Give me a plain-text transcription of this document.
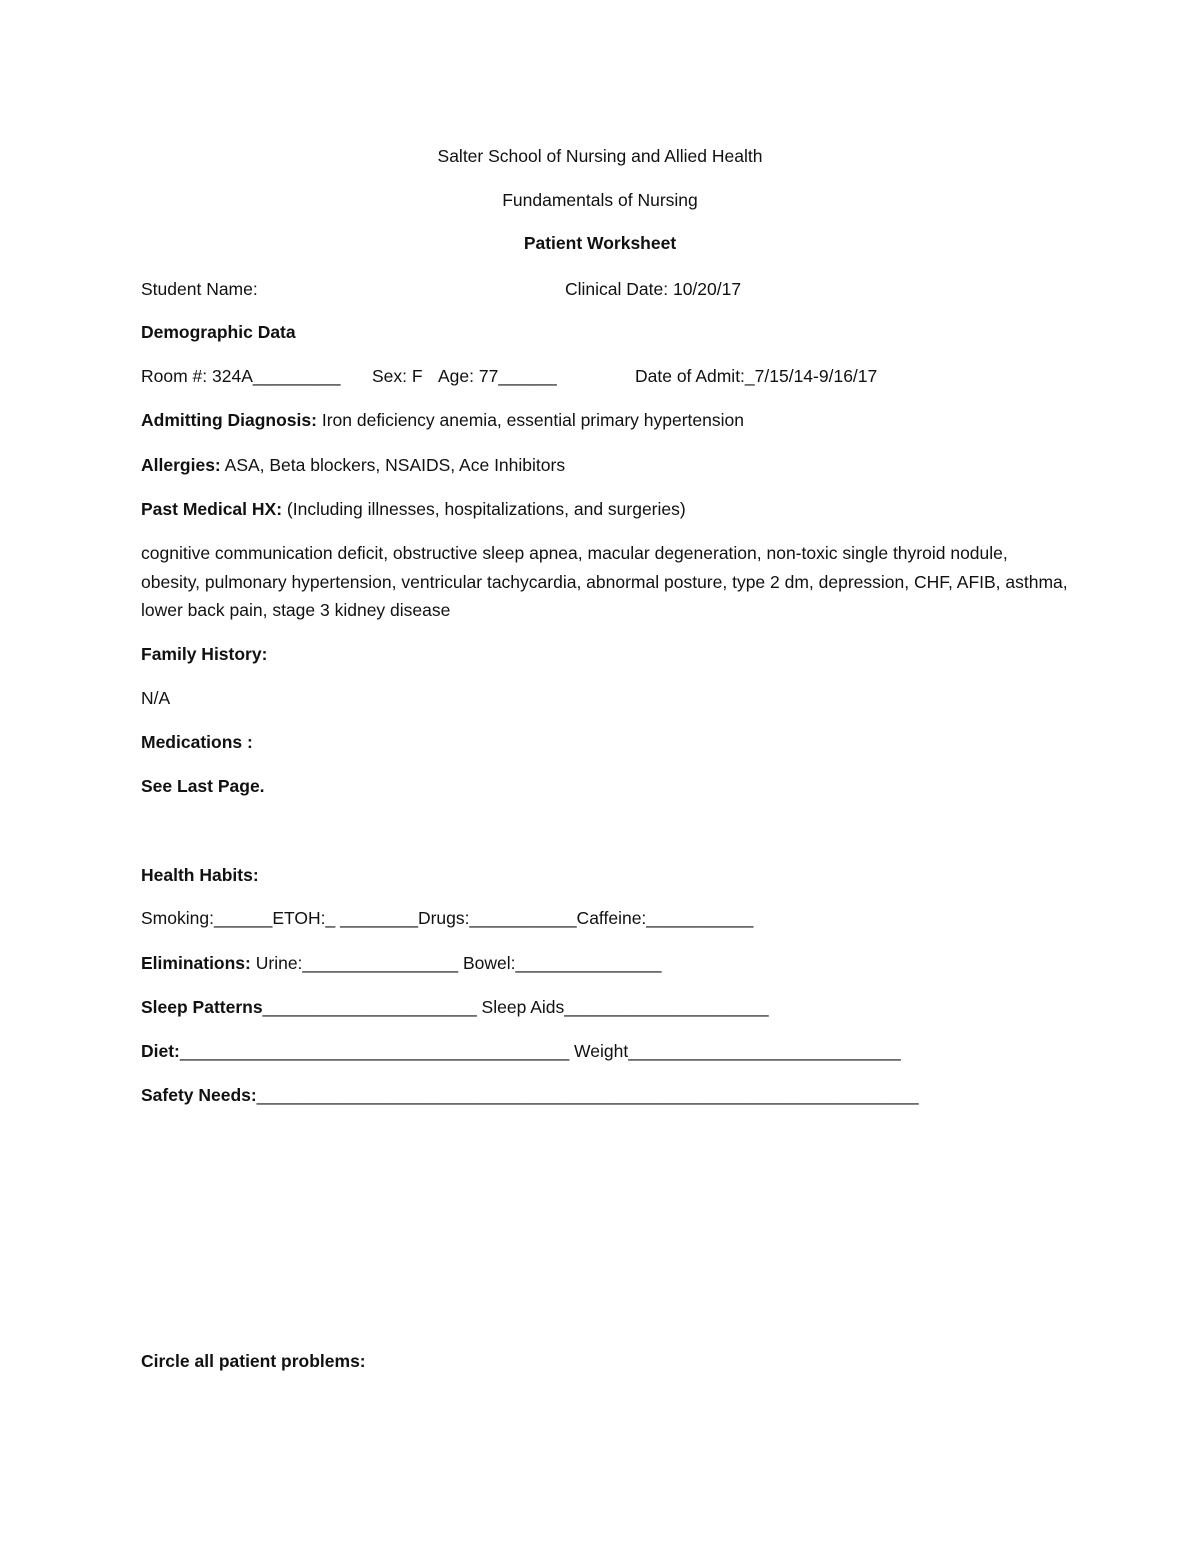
Salter School of Nursing and Allied Health
Fundamentals of Nursing
Patient Worksheet
Student Name:	Clinical Date: 10/20/17
Demographic Data
Room #: 324A_________ Sex: F Age: 77______	Date of Admit:_7/15/14-9/16/17
Admitting Diagnosis: Iron deficiency anemia, essential primary hypertension
Allergies: ASA, Beta blockers, NSAIDS, Ace Inhibitors
Past Medical HX: (Including illnesses, hospitalizations, and surgeries)
cognitive communication deficit, obstructive sleep apnea, macular degeneration, non-toxic single thyroid nodule, obesity, pulmonary hypertension, ventricular tachycardia, abnormal posture, type 2 dm, depression, CHF, AFIB, asthma, lower back pain, stage 3 kidney disease
Family History:
N/A
Medications :
See Last Page.
Health Habits:
Smoking:______ETOH:_ ________Drugs:___________Caffeine:___________
Eliminations: Urine:________________ Bowel:_______________
Sleep Patterns______________________ Sleep Aids_____________________
Diet:________________________________________ Weight____________________________
Safety Needs:____________________________________________________________________
Circle all patient problems:
